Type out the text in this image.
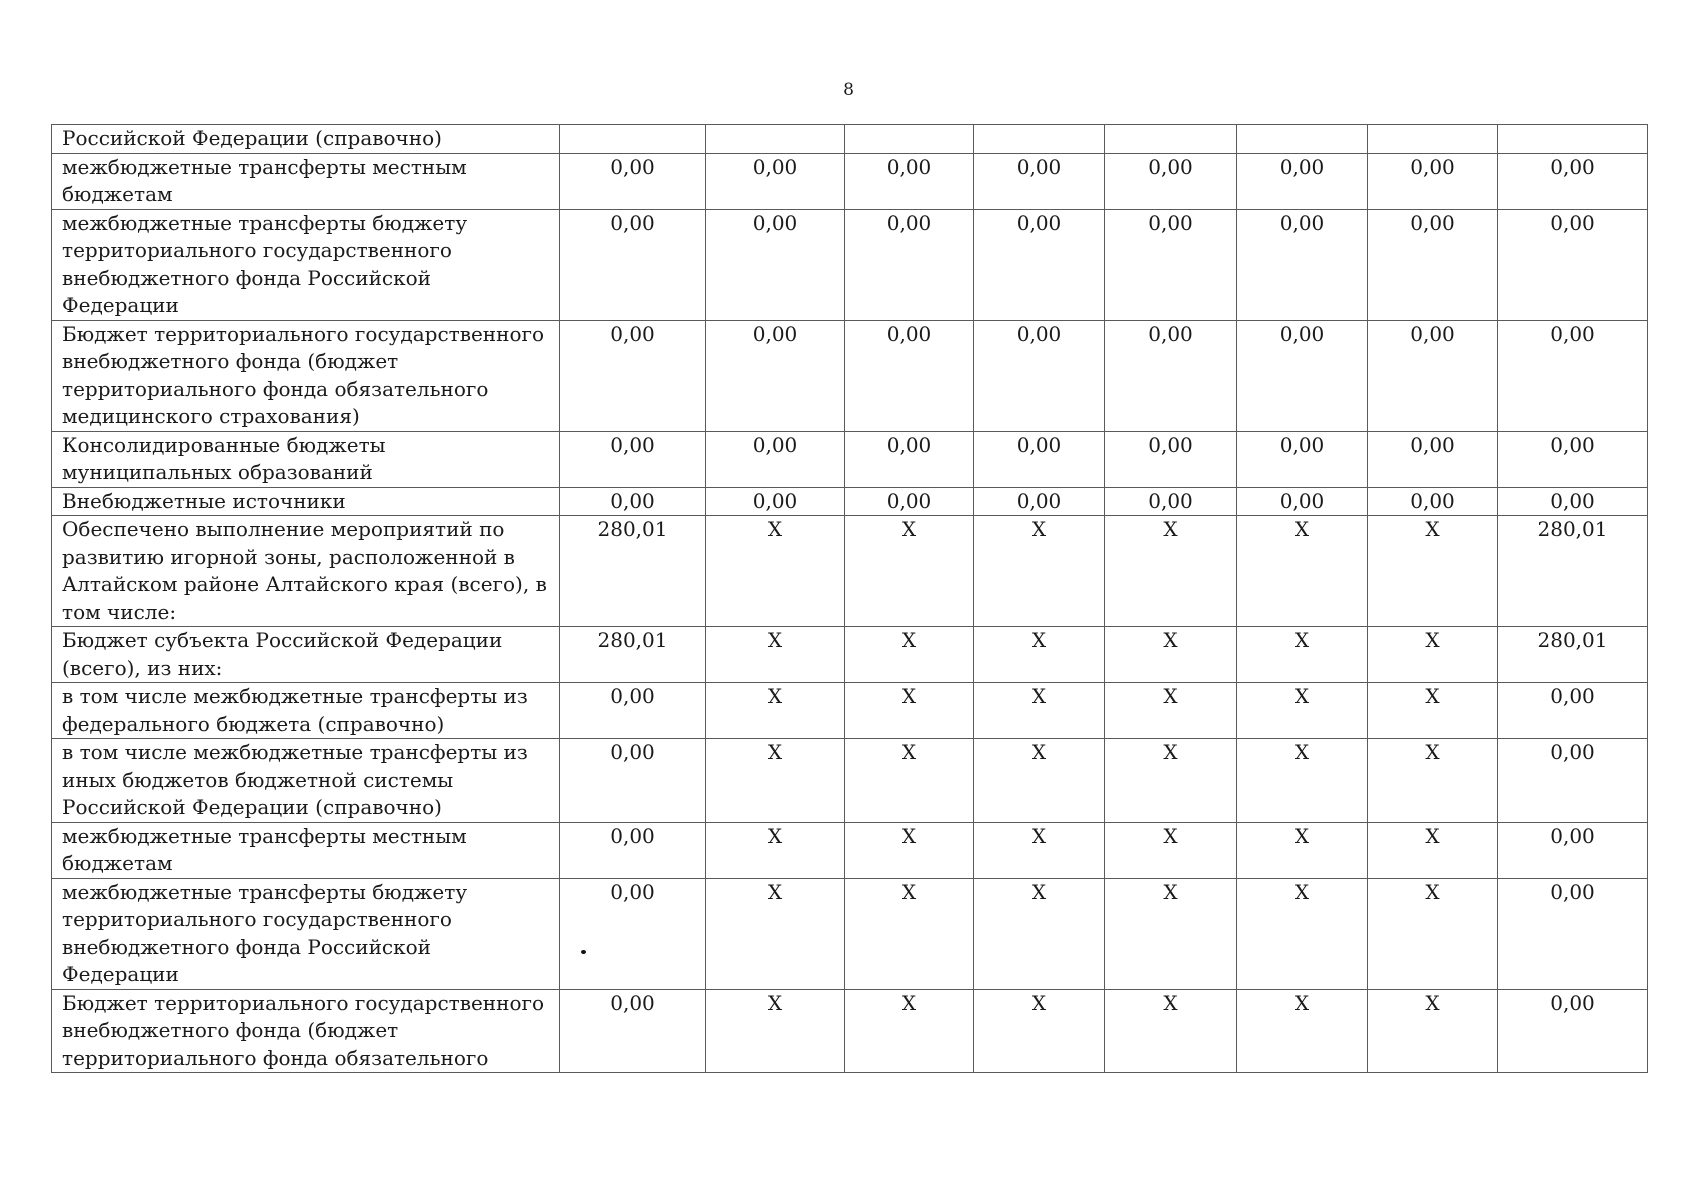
8
Российской Федерации (справочно)								
межбюджетные трансферты местным бюджетам	0,00	0,00	0,00	0,00	0,00	0,00	0,00	0,00
межбюджетные трансферты бюджету территориального государственного внебюджетного фонда Российской Федерации	0,00	0,00	0,00	0,00	0,00	0,00	0,00	0,00
Бюджет территориального государственного внебюджетного фонда (бюджет территориального фонда обязательного медицинского страхования)	0,00	0,00	0,00	0,00	0,00	0,00	0,00	0,00
Консолидированные бюджеты муниципальных образований	0,00	0,00	0,00	0,00	0,00	0,00	0,00	0,00
Внебюджетные источники	0,00	0,00	0,00	0,00	0,00	0,00	0,00	0,00
Обеспечено выполнение мероприятий по развитию игорной зоны, расположенной в Алтайском районе Алтайского края (всего), в том числе:	280,01	X	X	X	X	X	X	280,01
Бюджет субъекта Российской Федерации (всего), из них:	280,01	X	X	X	X	X	X	280,01
в том числе межбюджетные трансферты из федерального бюджета (справочно)	0,00	X	X	X	X	X	X	0,00
в том числе межбюджетные трансферты из иных бюджетов бюджетной системы Российской Федерации (справочно)	0,00	X	X	X	X	X	X	0,00
межбюджетные трансферты местным бюджетам	0,00	X	X	X	X	X	X	0,00
межбюджетные трансферты бюджету территориального государственного внебюджетного фонда Российской Федерации	0,00	X	X	X	X	X	X	0,00
Бюджет территориального государственного внебюджетного фонда (бюджет территориального фонда обязательного	0,00	X	X	X	X	X	X	0,00
